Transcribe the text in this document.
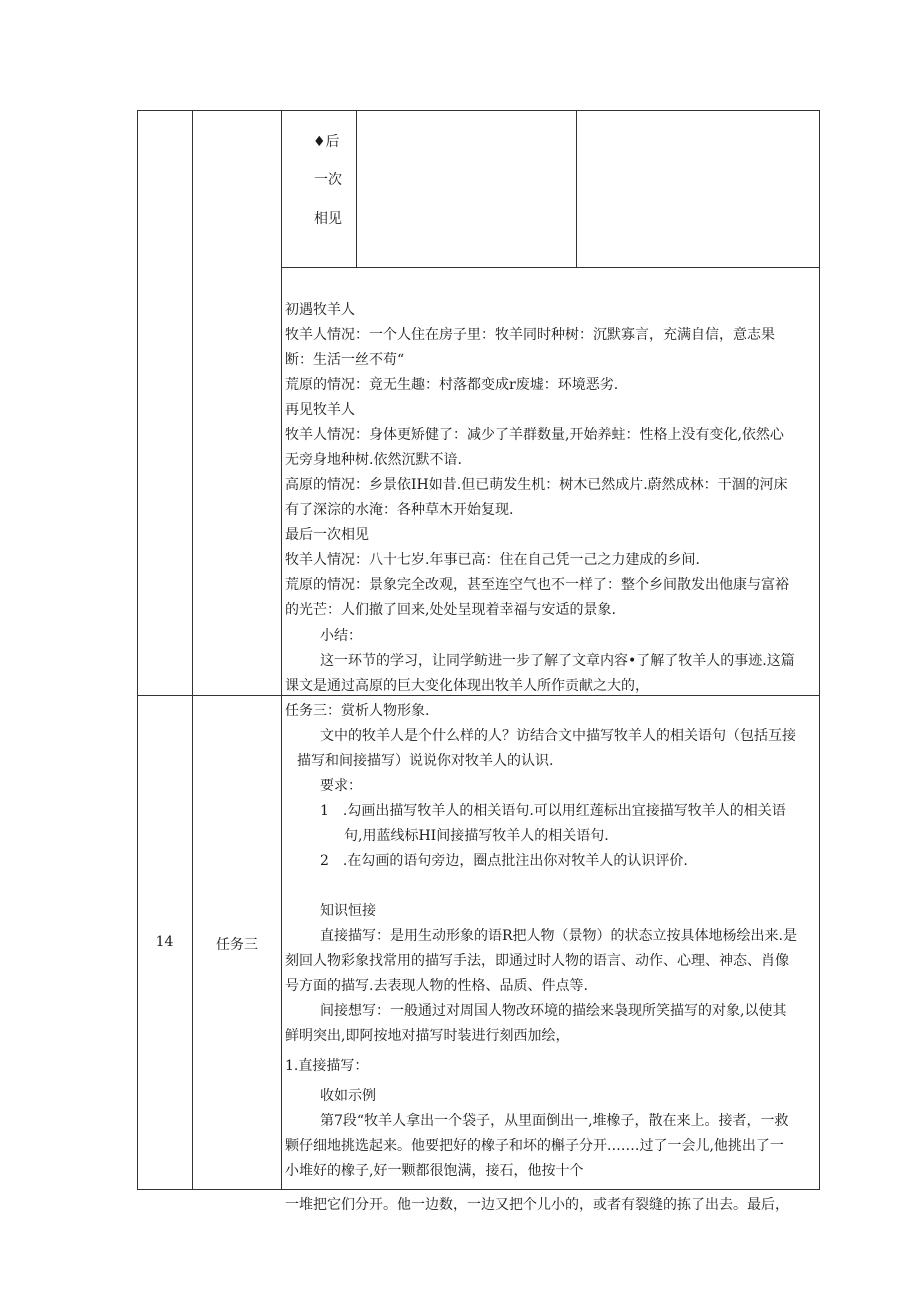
♦后
一次
相见
初遇牧羊人
牧羊人情况：一个人住在房子里：牧羊同时种树：沉默寡言，充满自信，意志果
断：生活一丝不苟“
荒原的情况：竟无生趣：村落都变成r废墟：环境恶劣.
再见牧羊人
牧羊人情况：身体更矫健了：减少了羊群数量,开始养蛀：性格上没有变化,依然心
无旁身地种树.依然沉默不谙.
高原的情况：乡景依IH如昔.但已萌发生机：树木已然成片.蔚然成林：干涸的河床
有了深淙的水淹：各种草木开始复现.
最后一次相见
牧羊人情况：八十七岁.年事已高：住在自己凭一己之力建成的乡间.
荒原的情况：景象完全改观，甚至连空气也不一样了：整个乡间散发出他康与富裕
的光芒：人们撤了回来,处处呈现着幸福与安适的景象.
小结：
这一环节的学习，让同学鲂进一步了解了文章内容•了解了牧羊人的事迹.这篇
课文是通过高原的巨大变化体现出牧羊人所作贡献之大的，
14	任务三
任务三：赏析人物形象.
文中的牧羊人是个什么样的人？访结合文中描写牧羊人的相关语句（包括互接
描写和间接描写）说说你对牧羊人的认识.
要求：
1　.勾画出描写牧羊人的相关语句.可以用红莲标出宜接描写牧羊人的相关语
句,用蓝线标HI间接描写牧羊人的相关语句.
2　.在勾画的语句旁边，圈点批注出你对牧羊人的认识评价.
知识恒接
直接描写：是用生动形象的语R把人物（景物）的状态立按具体地杨绘出来.是
刻回人物彩象找常用的描写手法，即通过时人物的语言、动作、心理、神态、肖像
号方面的描写.去表现人物的性格、品质、件点等.
间接想写：一般通过对周国人物改环境的描绘来袅现所笑描写的对象,以使其
鲜明突出,即阿按地对描写时装进行刻西加绘，
1.直接描写：
收如示例
第7段“牧羊人拿出一个袋子，从里面倒出一,堆橡子，散在来上。接者，一救
颗仔细地挑选起来。他要把好的橡子和坏的槲子分开.……过了一会儿,他挑出了一
小堆好的橡子,好一颗都很饱满，接石，他按十个
一堆把它们分开。他一边数，一边又把个儿小的，或者有裂缝的拣了出去。最后，
